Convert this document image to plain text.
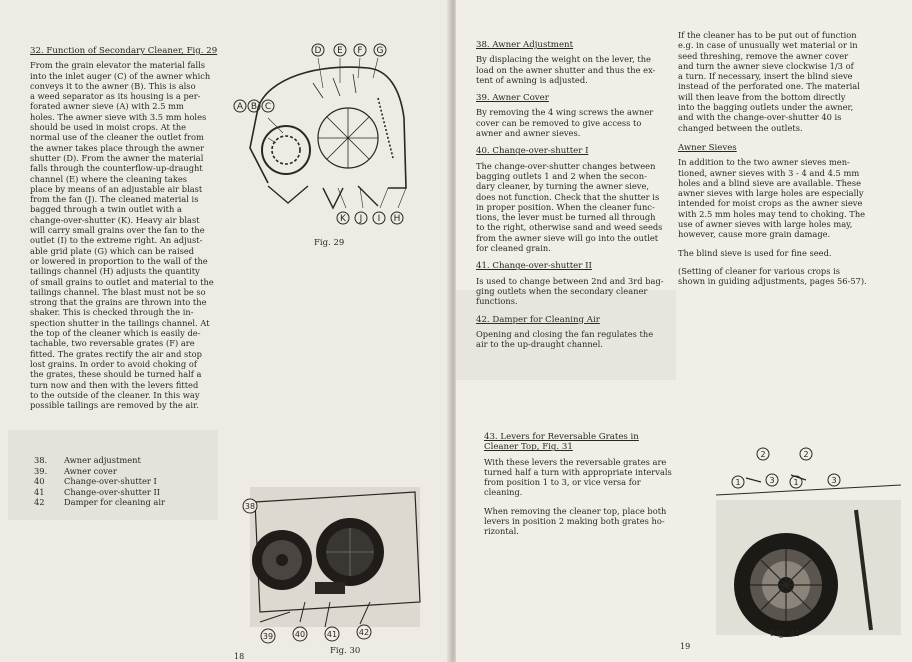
32. Function of Secondary Cleaner, Fig. 29
From the grain elevator the material falls
into the inlet auger (C) of the awner which
conveys it to the awner (B). This is also
a weed separator as its housing is a per-
forated awner sieve (A) with 2.5 mm
holes. The awner sieve with 3.5 mm holes
should be used in moist crops. At the
normal use of the cleaner the outlet from
the awner takes place through the awner
shutter (D). From the awner the material
falls through the counterflow-up-draught
channel (E) where the cleaning takes
place by means of an adjustable air blast
from the fan (J). The cleaned material is
bagged through a twin outlet with a
change-over-shutter (K). Heavy air blast
will carry small grains over the fan to the
outlet (I) to the extreme right. An adjust-
able grid plate (G) which can be raised
or lowered in proportion to the wall of the
tailings channel (H) adjusts the quantity
of small grains to outlet and material to the
tailings channel. The blast must not be so
strong that the grains are thrown into the
shaker. This is checked through the in-
spection shutter in the tailings channel. At
the top of the cleaner which is easily de-
tachable, two reversable grates (F) are
fitted. The grates rectify the air and stop
lost grains. In order to avoid choking of
the grates, these should be turned half a
turn now and then with the levers fitted
to the outside of the cleaner. In this way
possible tailings are removed by the air.
D E F G
A B C
K J I H
Fig. 29
38.	Awner adjustment
39.	Awner cover
40	Change-over-shutter I
41	Change-over-shutter II
42	Damper for cleaning air	38
39	40	41	42
Fig. 30
18
38. Awner Adjustment
By displacing the weight on the lever, the
load on the awner shutter and thus the ex-
tent of awning is adjusted.
39. Awner Cover
By removing the 4 wing screws the awner
cover can be removed to give access to
awner and awner sieves.
40. Change-over-shutter I
The change-over-shutter changes between
bagging outlets 1 and 2 when the secon-
dary cleaner, by turning the awner sieve,
does not function. Check that the shutter is
in proper position. When the cleaner func-
tions, the lever must be turned all through
to the right, otherwise sand and weed seeds
from the awner sieve will go into the outlet
for cleaned grain.
41. Change-over-shutter II
Is used to change between 2nd and 3rd bag-
ging outlets when the secondary cleaner
functions.
42. Damper for Cleaning Air
Opening and closing the fan regulates the
air to the up-draught channel.
If the cleaner has to be put out of function
e.g. in case of unusually wet material or in
seed threshing, remove the awner cover
and turn the awner sieve clockwise 1/3 of
a turn. If necessary, insert the blind sieve
instead of the perforated one. The material
will then leave from the bottom directly
into the bagging outlets under the awner,
and with the change-over-shutter 40 is
changed between the outlets.
Awner Sieves
In addition to the two awner sieves men-
tioned, awner sieves with 3 - 4 and 4.5 mm
holes and a blind sieve are available. These
awner sieves with large holes are especially
intended for moist crops as the awner sieve
with 2.5 mm holes may tend to choking. The
use of awner sieves with large holes may,
however, cause more grain damage.

The blind sieve is used for fine seed.

(Setting of cleaner for various crops is
shown in guiding adjustments, pages 56-57).
43. Levers for Reversable Grates in
Cleaner Top, Fig. 31
With these levers the reversable grates are
turned half a turn with appropriate intervals
from position 1 to 3, or vice versa for
cleaning.
When removing the cleaner top, place both
levers in position 2 making both grates ho-
rizontal.
2	2
1	3 1	3
Fig. 31
19
